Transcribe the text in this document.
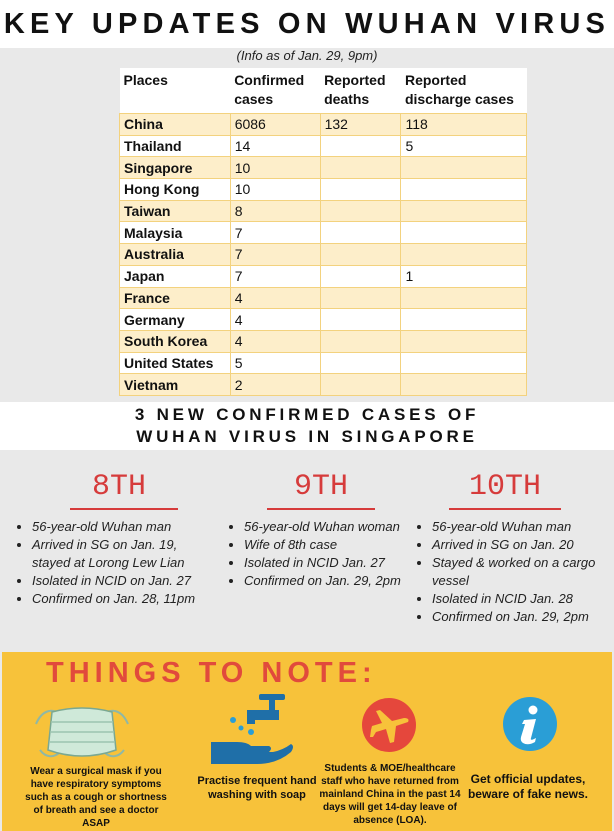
KEY UPDATES ON WUHAN VIRUS
(Info as of Jan. 29, 9pm)
Places	Confirmed cases	Reported deaths	Reported discharge cases
China	6086	132	118
Thailand	14		5
Singapore	10		
Hong Kong	10		
Taiwan	8		
Malaysia	7		
Australia	7		
Japan	7		1
France	4		
Germany	4		
South Korea	4		
United States	5		
Vietnam	2		
3 NEW CONFIRMED CASES OF
WUHAN VIRUS IN SINGAPORE
8TH
• 56-year-old Wuhan man
• Arrived in SG on Jan. 19, stayed at Lorong Lew Lian
• Isolated in NCID on Jan. 27
• Confirmed on Jan. 28, 11pm
9TH
• 56-year-old Wuhan woman
• Wife of 8th case
• Isolated in NCID Jan. 27
• Confirmed on Jan. 29, 2pm
10TH
• 56-year-old Wuhan man
• Arrived in SG on Jan. 20
• Stayed & worked on a cargo vessel
• Isolated in NCID Jan. 28
• Confirmed on Jan. 29, 2pm
THINGS TO NOTE:
Wear a surgical mask if you have respiratory symptoms such as a cough or shortness of breath and see a doctor ASAP
Practise frequent hand washing with soap
Students & MOE/healthcare staff who have returned from mainland China in the past 14 days will get 14-day leave of absence (LOA).
Get official updates, beware of fake news.
